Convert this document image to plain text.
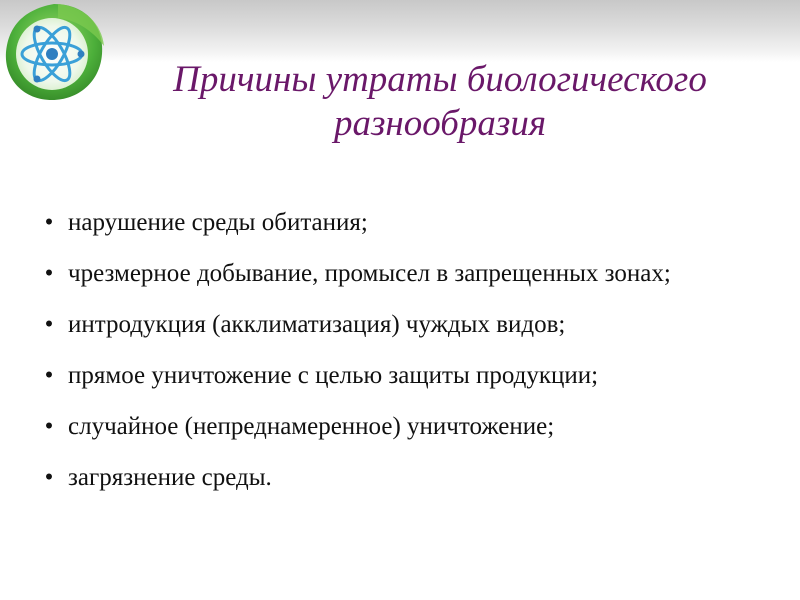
Причины утраты биологического
разнообразия
• нарушение среды обитания;
• чрезмерное добывание, промысел в запрещенных зонах;
• интродукция (акклиматизация) чуждых видов;
• прямое уничтожение с целью защиты продукции;
• случайное (непреднамеренное) уничтожение;
• загрязнение среды.
